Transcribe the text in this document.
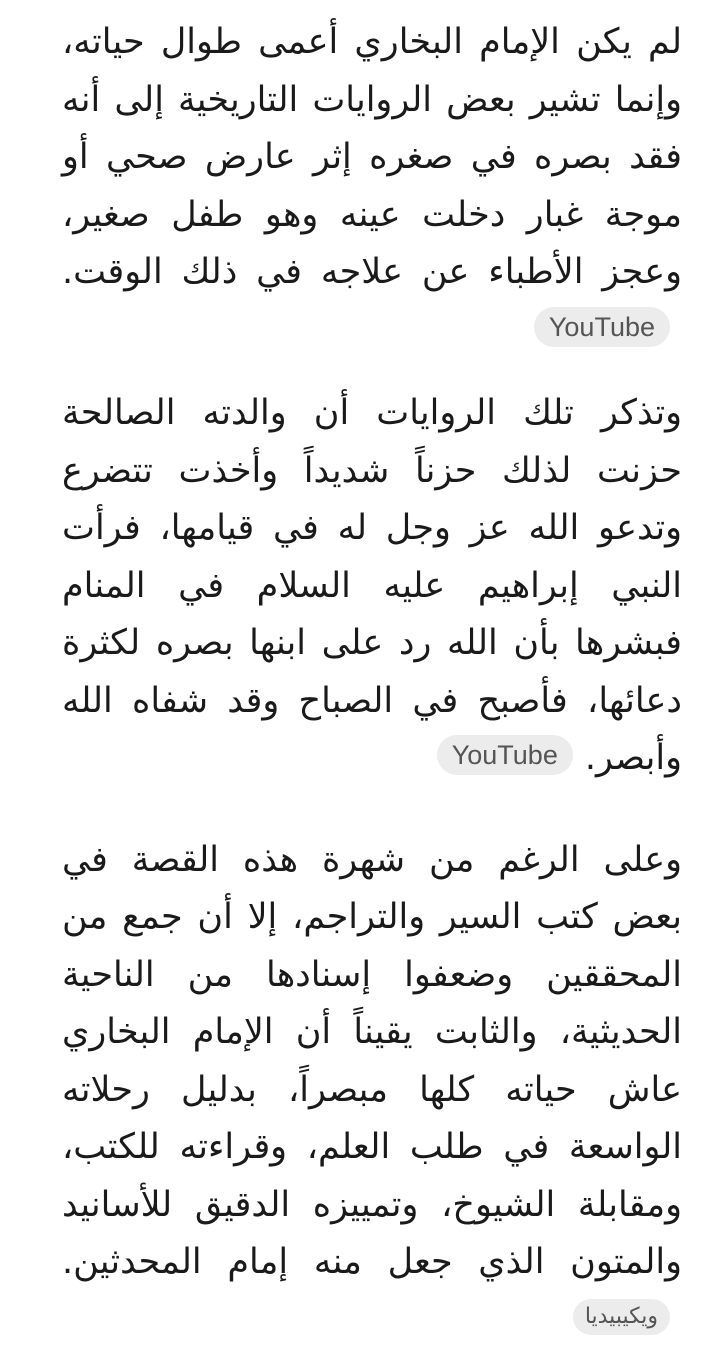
لم يكن الإمام البخاري أعمى طوال حياته، وإنما تشير بعض الروايات التاريخية إلى أنه فقد بصره في صغره إثر عارض صحي أو موجة غبار دخلت عينه وهو طفل صغير، وعجز الأطباء عن علاجه في ذلك الوقت.YouTube

وتذكر تلك الروايات أن والدته الصالحة حزنت لذلك حزناً شديداً وأخذت تتضرع وتدعو الله عز وجل له في قيامها، فرأت النبي إبراهيم عليه السلام في المنام فبشرها بأن الله رد على ابنها بصره لكثرة دعائها، فأصبح في الصباح وقد شفاه الله وأبصر.YouTube

وعلى الرغم من شهرة هذه القصة في بعض كتب السير والتراجم، إلا أن جمع من المحققين وضعفوا إسنادها من الناحية الحديثية، والثابت يقيناً أن الإمام البخاري عاش حياته كلها مبصراً، بدليل رحلاته الواسعة في طلب العلم، وقراءته للكتب، ومقابلة الشيوخ، وتمييزه الدقيق للأسانيد والمتون الذي جعل منه إمام المحدثين.ويكيبيديا
